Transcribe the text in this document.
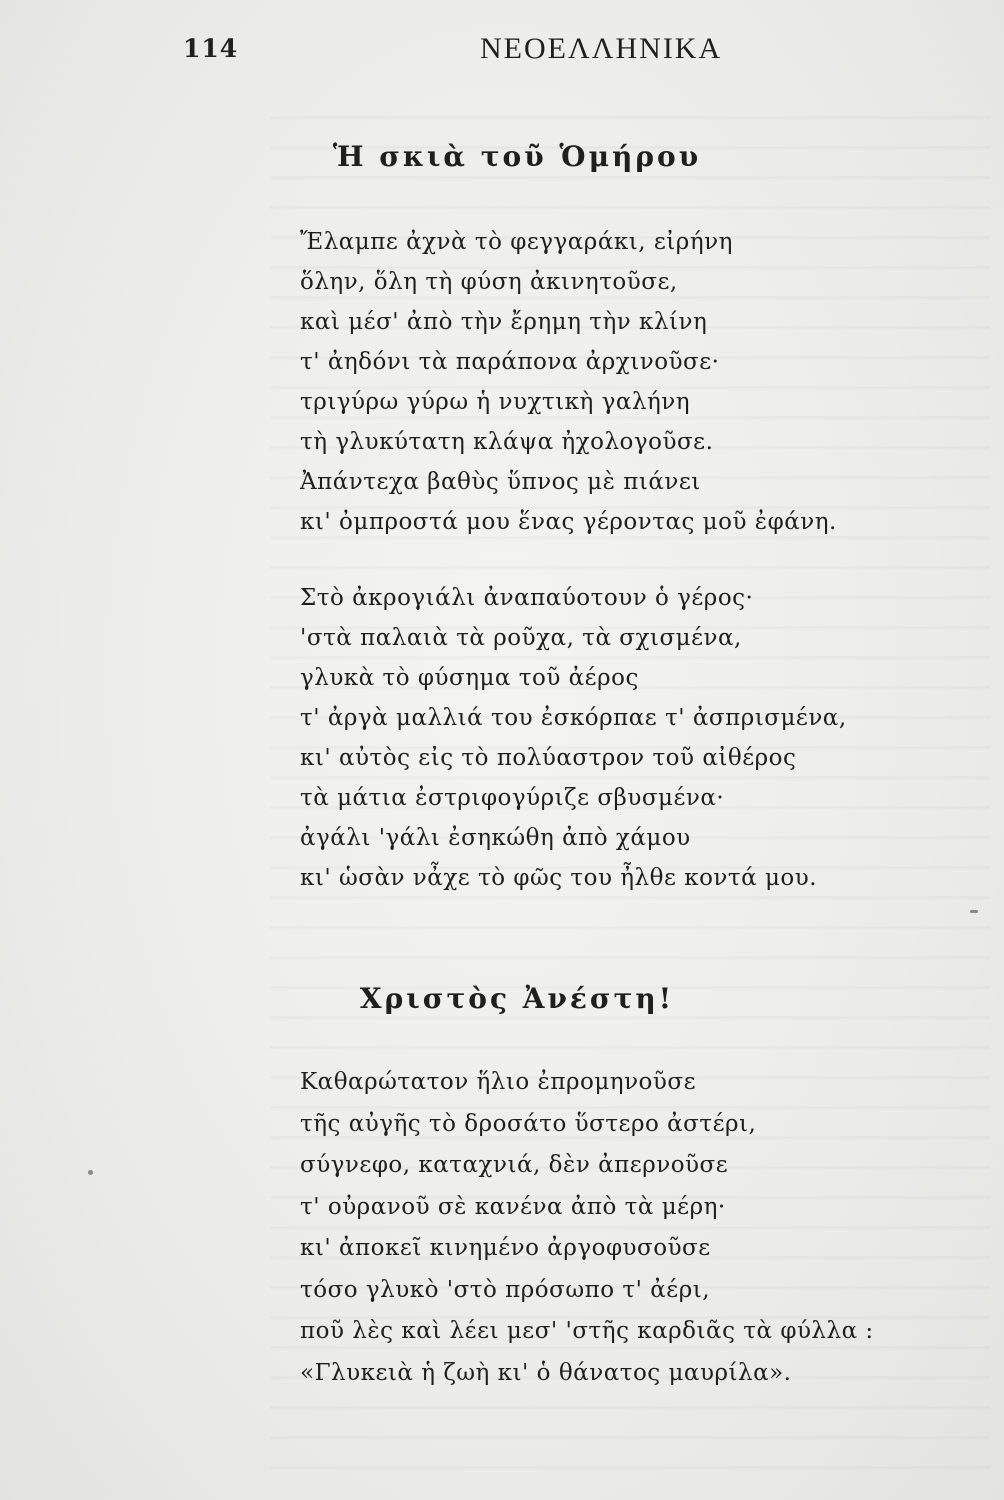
114	ΝΕΟΕΛΛΗΝΙΚΑ
Ἡ σκιὰ τοῦ Ὁμήρου
Ἔλαμπε ἀχνὰ τὸ φεγγαράκι, εἰρήνη
ὅλην, ὅλη τὴ φύση ἀκινητοῦσε,
καὶ μέσ' ἀπὸ τὴν ἔρημη τὴν κλίνη
τ' ἀηδόνι τὰ παράπονα ἀρχινοῦσε·
τριγύρω γύρω ἡ νυχτικὴ γαλήνη
τὴ γλυκύτατη κλάψα ἠχολογοῦσε.
Ἀπάντεχα βαθὺς ὕπνος μὲ πιάνει
κι' ὀμπροστά μου ἕνας γέροντας μοῦ ἐφάνη.
Στὸ ἀκρογιάλι ἀναπαύοτουν ὁ γέρος·
'στὰ παλαιὰ τὰ ροῦχα, τὰ σχισμένα,
γλυκὰ τὸ φύσημα τοῦ ἀέρος
τ' ἀργὰ μαλλιά του ἐσκόρπαε τ' ἀσπρισμένα,
κι' αὐτὸς εἰς τὸ πολύαστρον τοῦ αἰθέρος
τὰ μάτια ἐστριφογύριζε σβυσμένα·
ἀγάλι 'γάλι ἐσηκώθη ἀπὸ χάμου
κι' ὡσὰν νἆχε τὸ φῶς του ἦλθε κοντά μου.
Χριστὸς Ἀνέστη!
Καθαρώτατον ἥλιο ἐπρομηνοῦσε
τῆς αὐγῆς τὸ δροσάτο ὕστερο ἀστέρι,
σύγνεφο, καταχνιά, δὲν ἀπερνοῦσε
τ' οὐρανοῦ σὲ κανένα ἀπὸ τὰ μέρη·
κι' ἀποκεῖ κινημένο ἀργοφυσοῦσε
τόσο γλυκὸ 'στὸ πρόσωπο τ' ἀέρι,
ποῦ λὲς καὶ λέει μεσ' 'στῆς καρδιᾶς τὰ φύλλα :
«Γλυκειὰ ἡ ζωὴ κι' ὁ θάνατος μαυρίλα».
